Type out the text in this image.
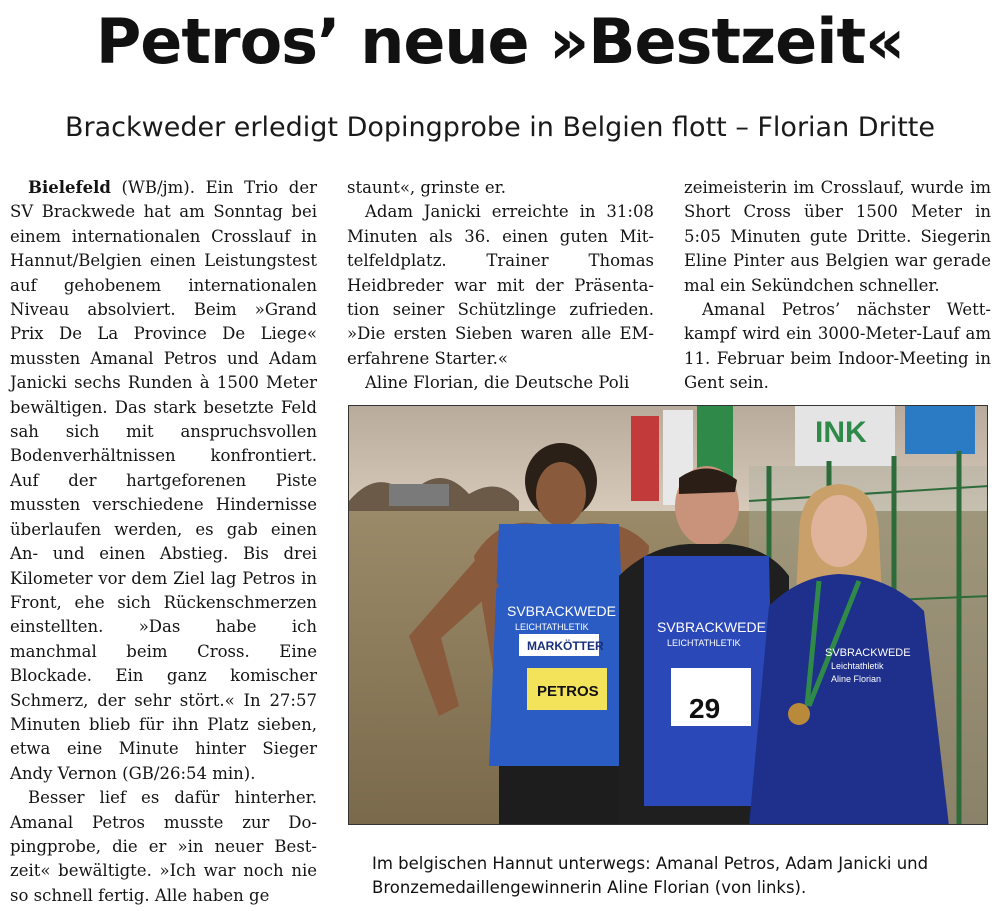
Petros’ neue »Bestzeit«
Brackweder erledigt Dopingprobe in Belgien flott – Florian Dritte

Bielefeld (WB/jm). Ein Trio der SV Brackwede hat am Sonntag bei einem internationalen Crosslauf in Hannut/Belgien einen Leistungstest auf gehobenem internationalen Niveau absolviert. Beim »Grand Prix De La Province De Liege« mussten Amanal Petros und Adam Janicki sechs Runden à 1500 Meter bewältigen. Das stark besetzte Feld sah sich mit anspruchsvollen Bodenverhältnissen konfrontiert. Auf der hartgeforenen Piste mussten verschiedene Hindernisse überlaufen werden, es gab einen An- und einen Abstieg. Bis drei Kilometer vor dem Ziel lag Petros in Front, ehe sich Rückenschmerzen einstellten. »Das habe ich manchmal beim Cross. Eine Blockade. Ein ganz komischer Schmerz, der sehr stört.« In 27:57 Minuten blieb für ihn Platz sieben, etwa eine Minute hinter Sieger Andy Vernon (GB/26:54 min).

Besser lief es dafür hinterher. Amanal Petros musste zur Dopingprobe, die er »in neuer Bestzeit« bewältigte. »Ich war noch nie so schnell fertig. Alle haben ge

staunt«, grinste er.

Adam Janicki erreichte in 31:08 Minuten als 36. einen guten Mittelfeldplatz. Trainer Thomas Heidbreder war mit der Präsentation seiner Schützlinge zufrieden. »Die ersten Sieben waren alle EM-erfahrene Starter.«

Aline Florian, die Deutsche Poli

zeimeisterin im Crosslauf, wurde im Short Cross über 1500 Meter in 5:05 Minuten gute Dritte. Siegerin Eline Pinter aus Belgien war gerade mal ein Sekündchen schneller.

Amanal Petros’ nächster Wettkampf wird ein 3000-Meter-Lauf am 11. Februar beim Indoor-Meeting in Gent sein.

INK
MARKÖTTER
PETROS
SVBRACKWEDE
LEICHTATHLETIK
29
SVBRACKWEDE
LEICHTATHLETIK
SVBRACKWEDE
Leichtathletik
Aline Florian
Im belgischen Hannut unterwegs: Amanal Petros, Adam Janicki und Bronzemedaillengewinnerin Aline Florian (von links).
